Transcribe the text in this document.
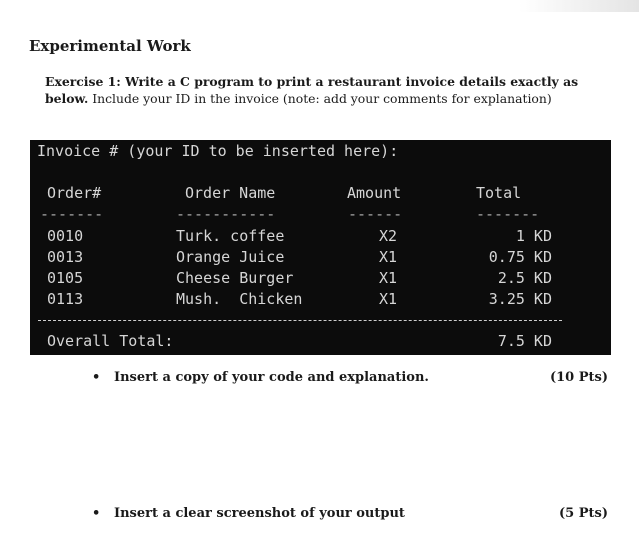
Experimental Work

Exercise 1: Write a C program to print a restaurant invoice details exactly as below. Include your ID in the invoice (note: add your comments for explanation)

Invoice # (your ID to be inserted here):
Order#	Order Name	Amount	Total
-------	-----------	------	-------
0010	Turk. coffee	X2	1 KD
0013	Orange Juice	X1	0.75 KD
0105	Cheese Burger	X1	2.5 KD
0113	Mush.  Chicken	X1	3.25 KD
Overall Total:	7.5 KD
• Insert a copy of your code and explanation.	(10 Pts)
• Insert a clear screenshot of your output	(5 Pts)
